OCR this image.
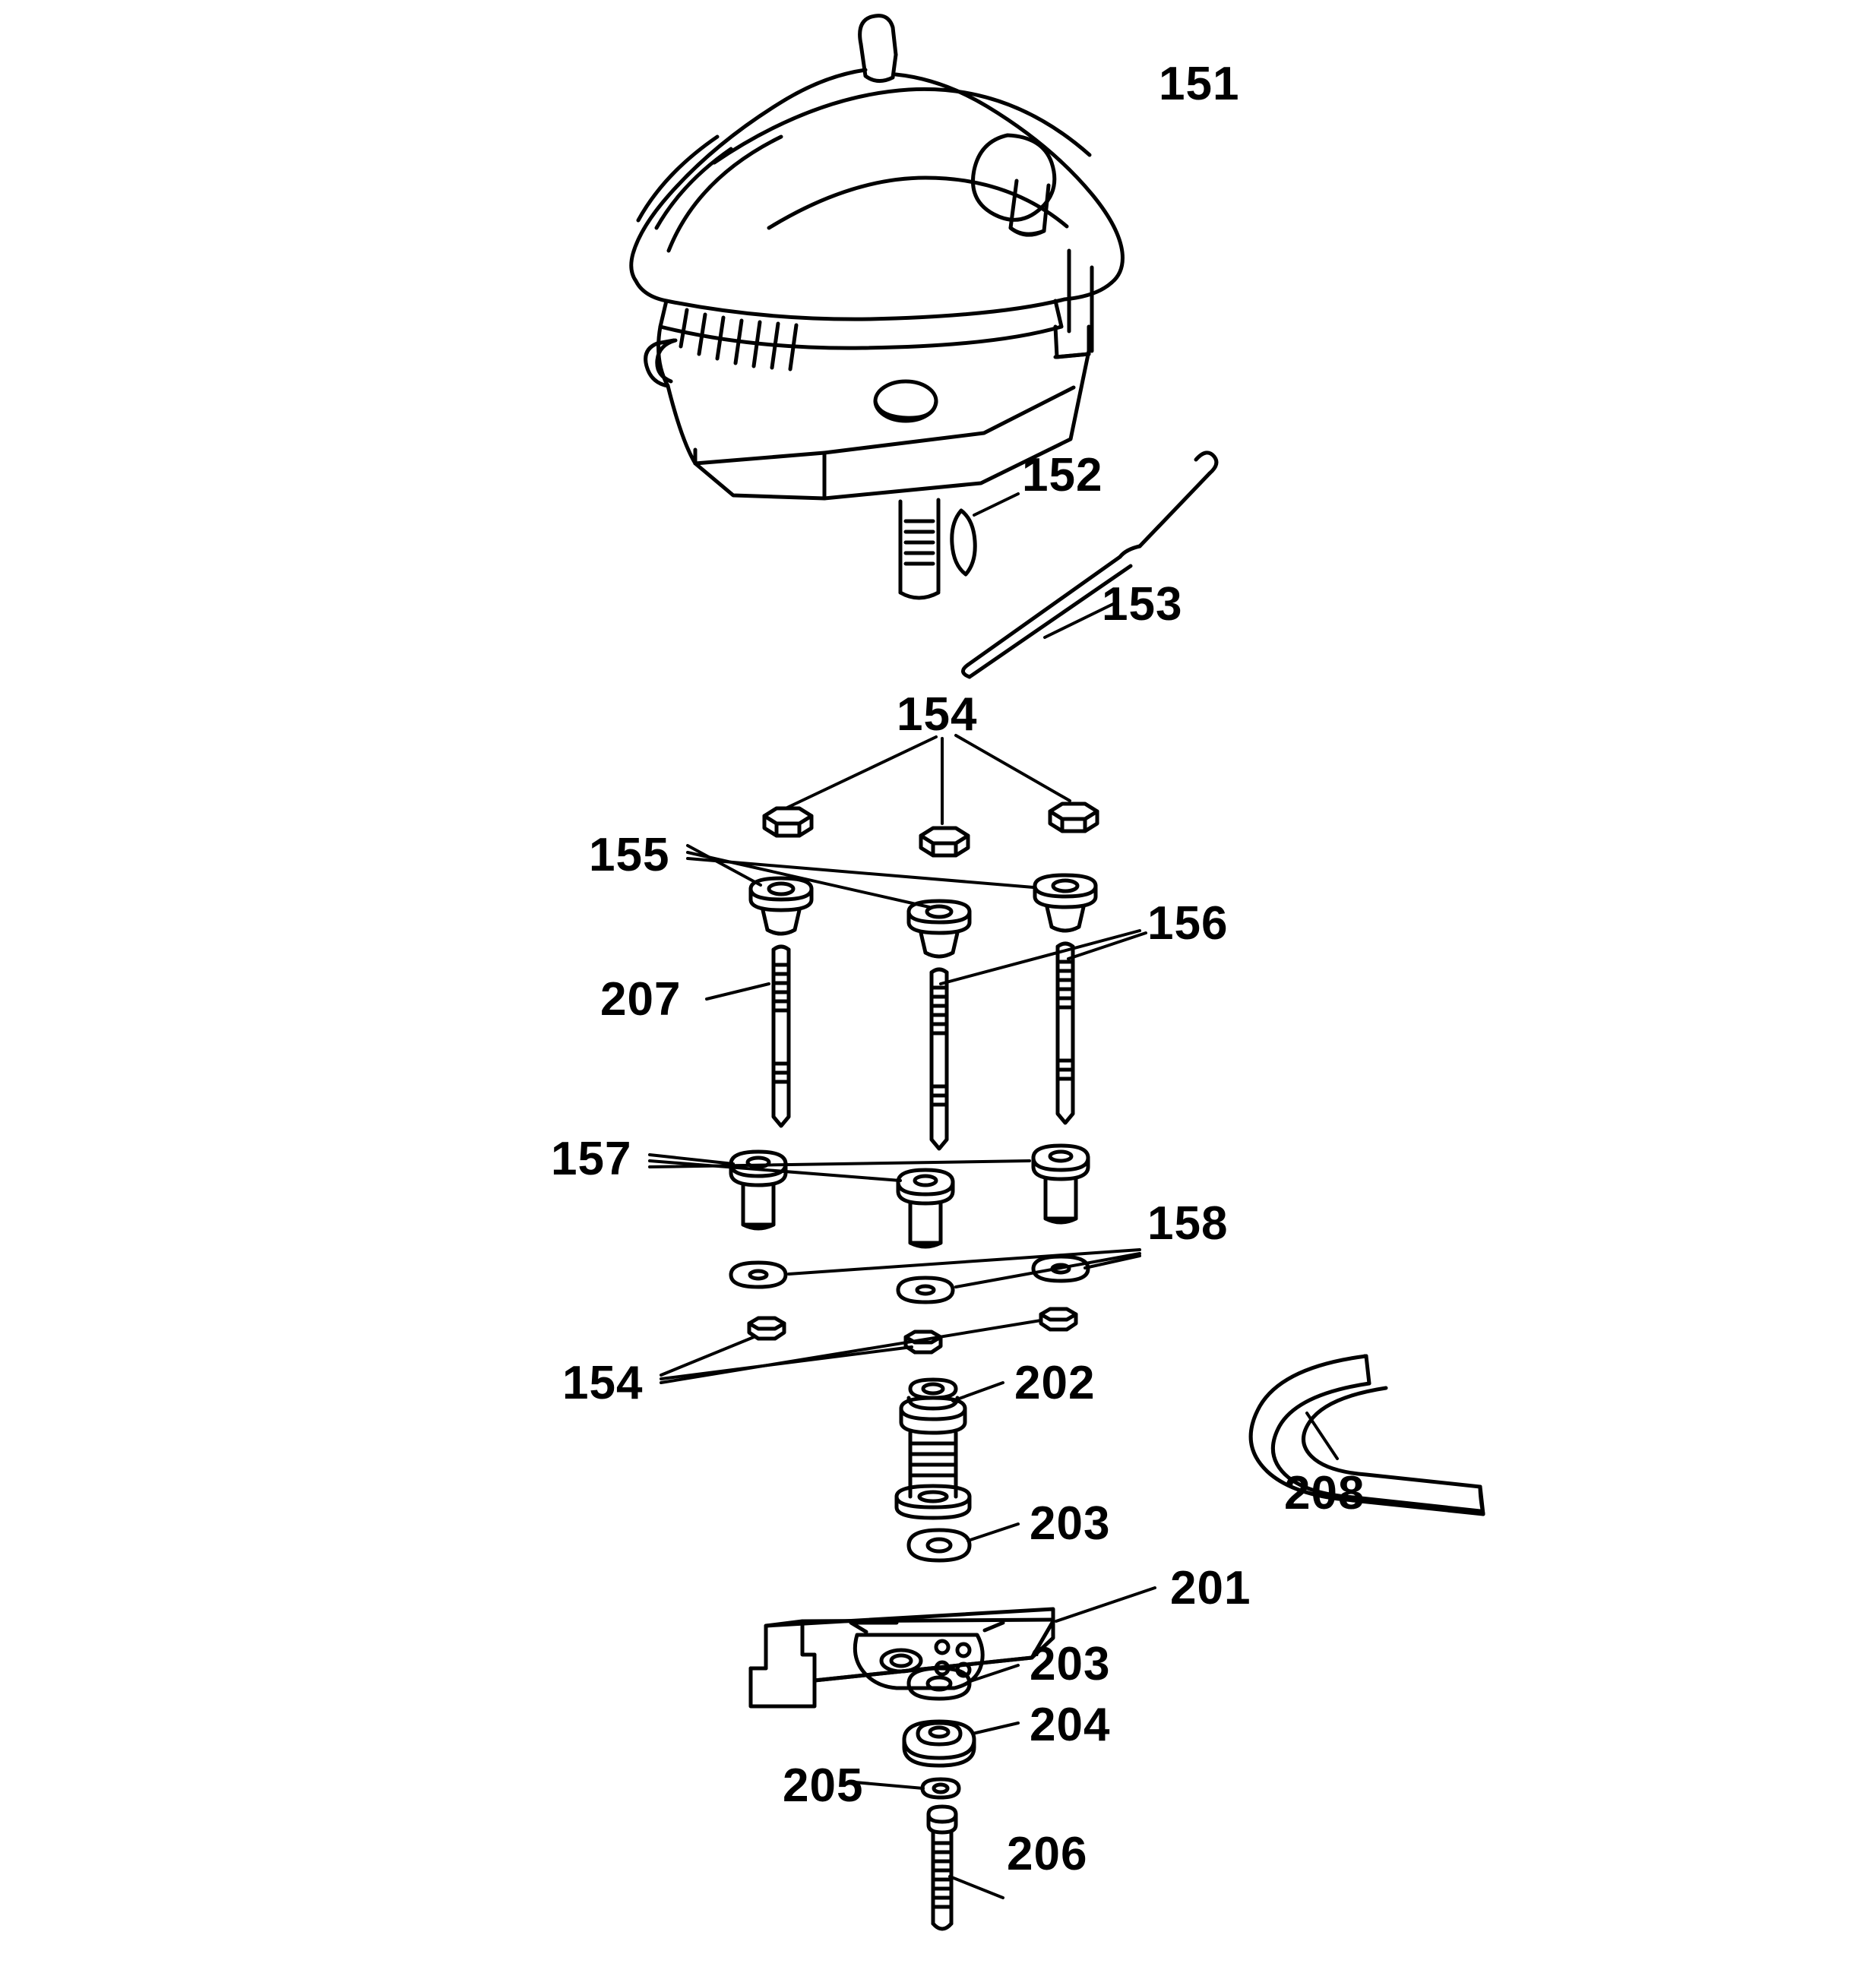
151
152
153
154
155
156
207
157
158
154	202
208
203
201
203
204
205
206
